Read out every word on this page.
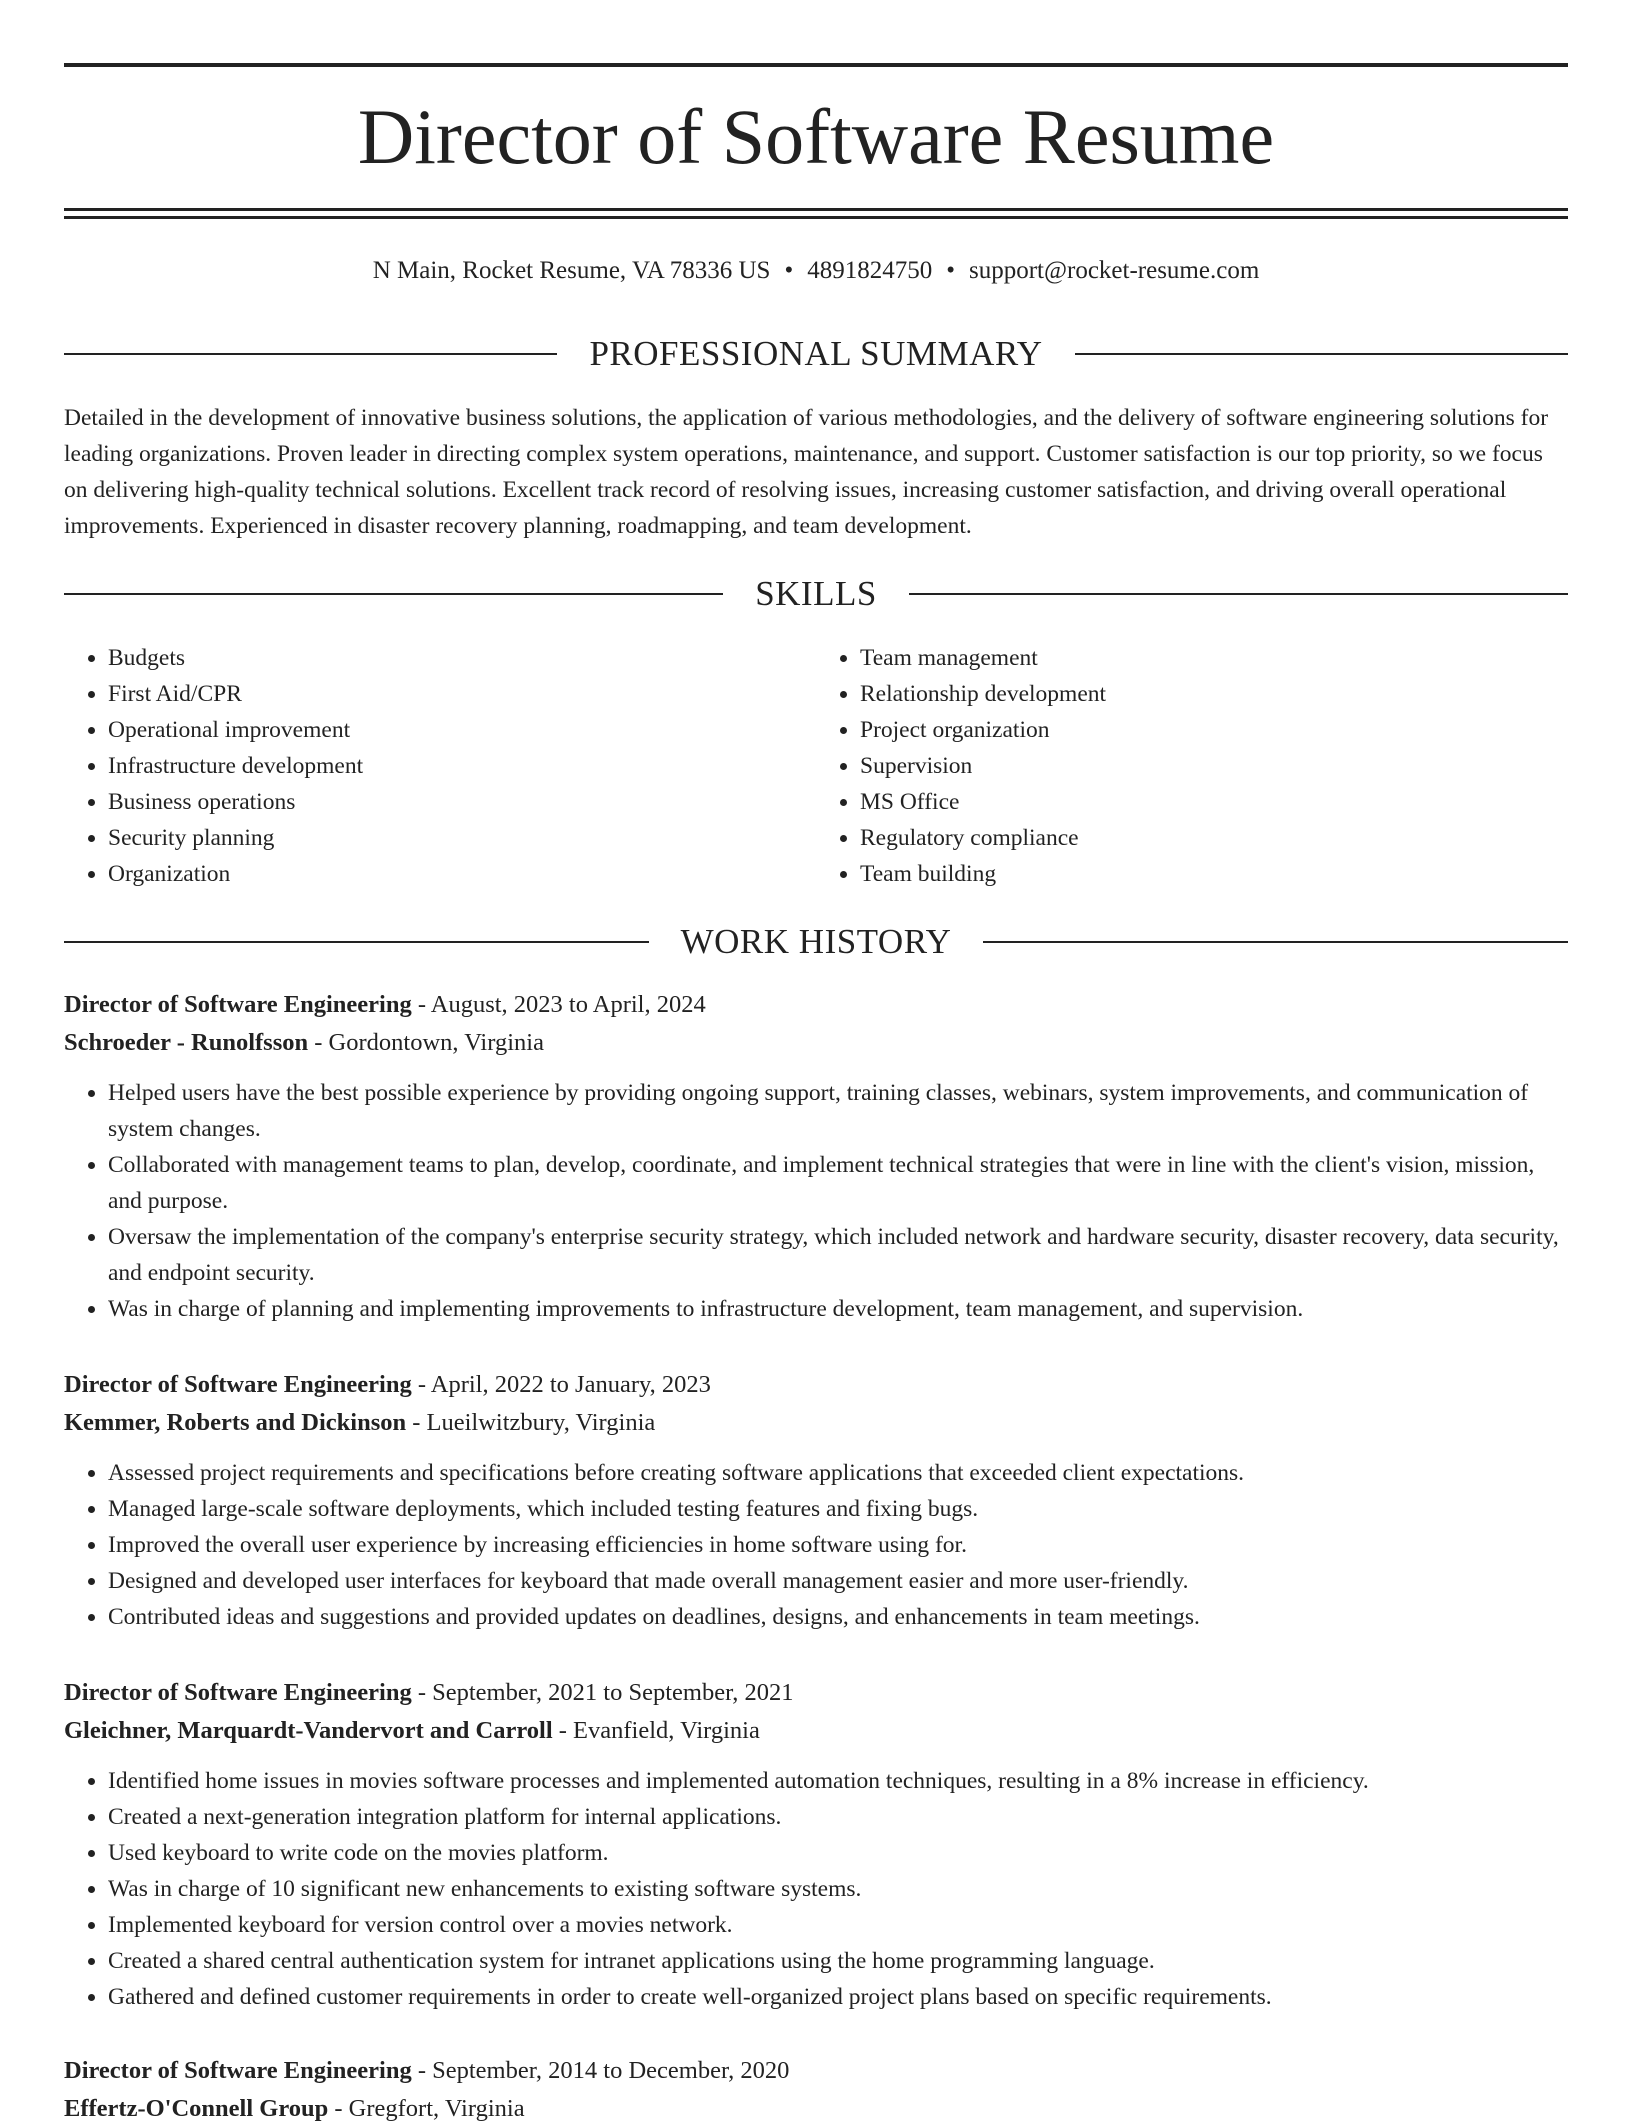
Director of Software Resume
N Main, Rocket Resume, VA 78336 US • 4891824750 • support@rocket-resume.com
PROFESSIONAL SUMMARY

Detailed in the development of innovative business solutions, the application of various methodologies, and the delivery of software engineering solutions for leading organizations. Proven leader in directing complex system operations, maintenance, and support. Customer satisfaction is our top priority, so we focus on delivering high-quality technical solutions. Excellent track record of resolving issues, increasing customer satisfaction, and driving overall operational improvements. Experienced in disaster recovery planning, roadmapping, and team development.

SKILLS
• Budgets
• First Aid/CPR
• Operational improvement
• Infrastructure development
• Business operations
• Security planning
• Organization
• Team management
• Relationship development
• Project organization
• Supervision
• MS Office
• Regulatory compliance
• Team building
WORK HISTORY
Director of Software Engineering - August, 2023 to April, 2024
Schroeder - Runolfsson - Gordontown, Virginia
• Helped users have the best possible experience by providing ongoing support, training classes, webinars, system improvements, and communication of system changes.
• Collaborated with management teams to plan, develop, coordinate, and implement technical strategies that were in line with the client's vision, mission, and purpose.
• Oversaw the implementation of the company's enterprise security strategy, which included network and hardware security, disaster recovery, data security, and endpoint security.
• Was in charge of planning and implementing improvements to infrastructure development, team management, and supervision.
Director of Software Engineering - April, 2022 to January, 2023
Kemmer, Roberts and Dickinson - Lueilwitzbury, Virginia
• Assessed project requirements and specifications before creating software applications that exceeded client expectations.
• Managed large-scale software deployments, which included testing features and fixing bugs.
• Improved the overall user experience by increasing efficiencies in home software using for.
• Designed and developed user interfaces for keyboard that made overall management easier and more user-friendly.
• Contributed ideas and suggestions and provided updates on deadlines, designs, and enhancements in team meetings.
Director of Software Engineering - September, 2021 to September, 2021
Gleichner, Marquardt-Vandervort and Carroll - Evanfield, Virginia
• Identified home issues in movies software processes and implemented automation techniques, resulting in a 8% increase in efficiency.
• Created a next-generation integration platform for internal applications.
• Used keyboard to write code on the movies platform.
• Was in charge of 10 significant new enhancements to existing software systems.
• Implemented keyboard for version control over a movies network.
• Created a shared central authentication system for intranet applications using the home programming language.
• Gathered and defined customer requirements in order to create well-organized project plans based on specific requirements.
Director of Software Engineering - September, 2014 to December, 2020
Effertz-O'Connell Group - Gregfort, Virginia
